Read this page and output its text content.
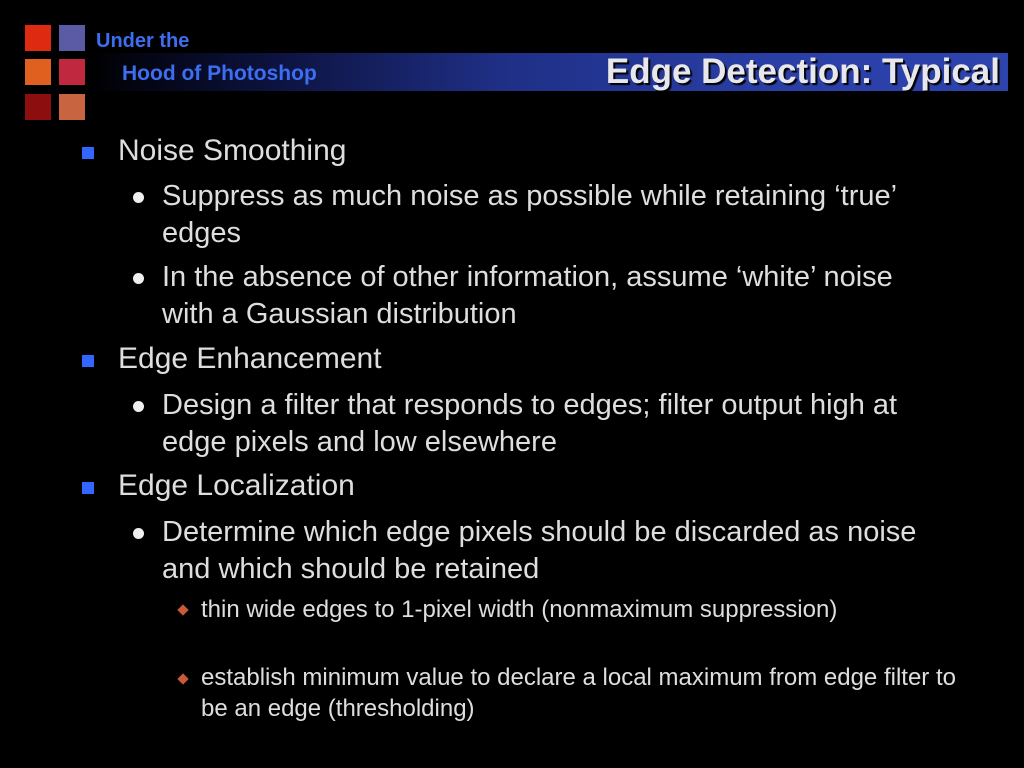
Under the
Hood of Photoshop	Edge Detection: Typical
Noise Smoothing
Suppress as much noise as possible while retaining ‘true’ edges
In the absence of other information, assume ‘white’ noise with a Gaussian distribution
Edge Enhancement
Design a filter that responds to edges; filter output high at edge pixels and low elsewhere
Edge Localization
Determine which edge pixels should be discarded as noise and which should be retained
thin wide edges to 1-pixel width (nonmaximum suppression)
establish minimum value to declare a local maximum from edge filter to be an edge (thresholding)
